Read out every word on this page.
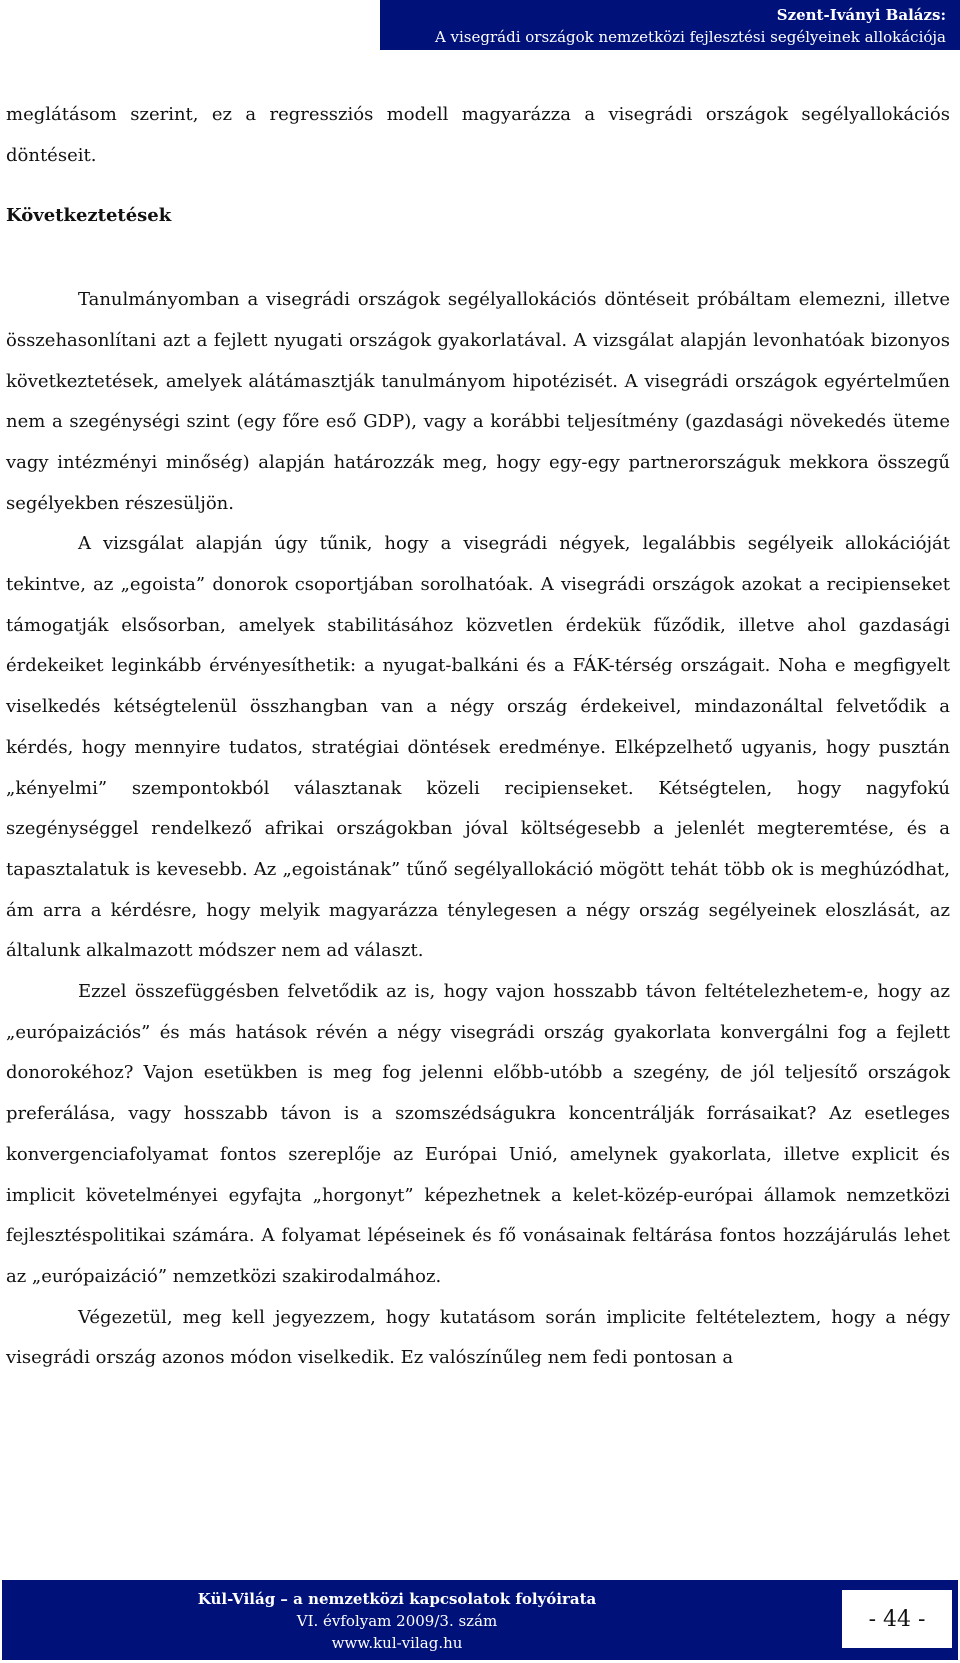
Szent-Iványi Balázs:
A visegrádi országok nemzetközi fejlesztési segélyeinek allokációja

meglátásom szerint, ez a regressziós modell magyarázza a visegrádi országok segélyallokációs döntéseit.

Következtetések

Tanulmányomban a visegrádi országok segélyallokációs döntéseit próbáltam elemezni, illetve összehasonlítani azt a fejlett nyugati országok gyakorlatával. A vizsgálat alapján levonhatóak bizonyos következtetések, amelyek alátámasztják tanulmányom hipotézisét. A visegrádi országok egyértelműen nem a szegénységi szint (egy főre eső GDP), vagy a korábbi teljesítmény (gazdasági növekedés üteme vagy intézményi minőség) alapján határozzák meg, hogy egy-egy partnerországuk mekkora összegű segélyekben részesüljön.

A vizsgálat alapján úgy tűnik, hogy a visegrádi négyek, legalábbis segélyeik allokációját tekintve, az „egoista” donorok csoportjában sorolhatóak. A visegrádi országok azokat a recipienseket támogatják elsősorban, amelyek stabilitásához közvetlen érdekük fűződik, illetve ahol gazdasági érdekeiket leginkább érvényesíthetik: a nyugat-balkáni és a FÁK-térség országait. Noha e megfigyelt viselkedés kétségtelenül összhangban van a négy ország érdekeivel, mindazonáltal felvetődik a kérdés, hogy mennyire tudatos, stratégiai döntések eredménye. Elképzelhető ugyanis, hogy pusztán „kényelmi” szempontokból választanak közeli recipienseket. Kétségtelen, hogy nagyfokú szegénységgel rendelkező afrikai országokban jóval költségesebb a jelenlét megteremtése, és a tapasztalatuk is kevesebb. Az „egoistának” tűnő segélyallokáció mögött tehát több ok is meghúzódhat, ám arra a kérdésre, hogy melyik magyarázza ténylegesen a négy ország segélyeinek eloszlását, az általunk alkalmazott módszer nem ad választ.

Ezzel összefüggésben felvetődik az is, hogy vajon hosszabb távon feltételezhetem-e, hogy az „európaizációs” és más hatások révén a négy visegrádi ország gyakorlata konvergálni fog a fejlett donorokéhoz? Vajon esetükben is meg fog jelenni előbb-utóbb a szegény, de jól teljesítő országok preferálása, vagy hosszabb távon is a szomszédságukra koncentrálják forrásaikat? Az esetleges konvergenciafolyamat fontos szereplője az Európai Unió, amelynek gyakorlata, illetve explicit és implicit követelményei egyfajta „horgonyt” képezhetnek a kelet-közép-európai államok nemzetközi fejlesztéspolitikai számára. A folyamat lépéseinek és fő vonásainak feltárása fontos hozzájárulás lehet az „európaizáció” nemzetközi szakirodalmához.

Végezetül, meg kell jegyezzem, hogy kutatásom során implicite feltételeztem, hogy a négy visegrádi ország azonos módon viselkedik. Ez valószínűleg nem fedi pontosan a

Kül-Világ – a nemzetközi kapcsolatok folyóirata
VI. évfolyam 2009/3. szám
www.kul-vilag.hu
- 44 -
